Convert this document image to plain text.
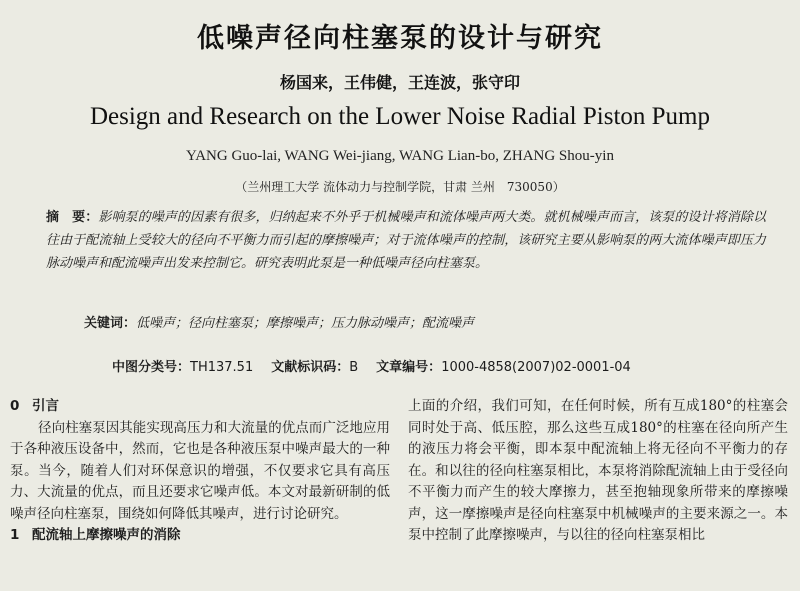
低噪声径向柱塞泵的设计与研究
杨国来，王伟健，王连波，张守印
Design and Research on the Lower Noise Radial Piston Pump
YANG Guo-lai, WANG Wei-jiang, WANG Lian-bo, ZHANG Shou-yin
（兰州理工大学 流体动力与控制学院，甘肃 兰州　730050）
摘　要：影响泵的噪声的因素有很多，归纳起来不外乎于机械噪声和流体噪声两大类。就机械噪声而言，该泵的设计将消除以往由于配流轴上受较大的径向不平衡力而引起的摩擦噪声；对于流体噪声的控制，该研究主要从影响泵的两大流体噪声即压力脉动噪声和配流噪声出发来控制它。研究表明此泵是一种低噪声径向柱塞泵。
关键词：低噪声；径向柱塞泵；摩擦噪声；压力脉动噪声；配流噪声
中图分类号：TH137.51 文献标识码：B 文章编号：1000-4858(2007)02-0001-04
0 引言
径向柱塞泵因其能实现高压力和大流量的优点而广泛地应用于各种液压设备中，然而，它也是各种液压泵中噪声最大的一种泵。当今，随着人们对环保意识的增强，不仅要求它具有高压力、大流量的优点，而且还要求它噪声低。本文对最新研制的低噪声径向柱塞泵，围绕如何降低其噪声，进行讨论研究。
1 配流轴上摩擦噪声的消除
上面的介绍，我们可知，在任何时候，所有互成180°的柱塞会同时处于高、低压腔，那么这些互成180°的柱塞在径向所产生的液压力将会平衡，即本泵中配流轴上将无径向不平衡力的存在。和以往的径向柱塞泵相比，本泵将消除配流轴上由于受径向不平衡力而产生的较大摩擦力，甚至抱轴现象所带来的摩擦噪声，这一摩擦噪声是径向柱塞泵中机械噪声的主要来源之一。本泵中控制了此摩擦噪声，与以往的径向柱塞泵相比
